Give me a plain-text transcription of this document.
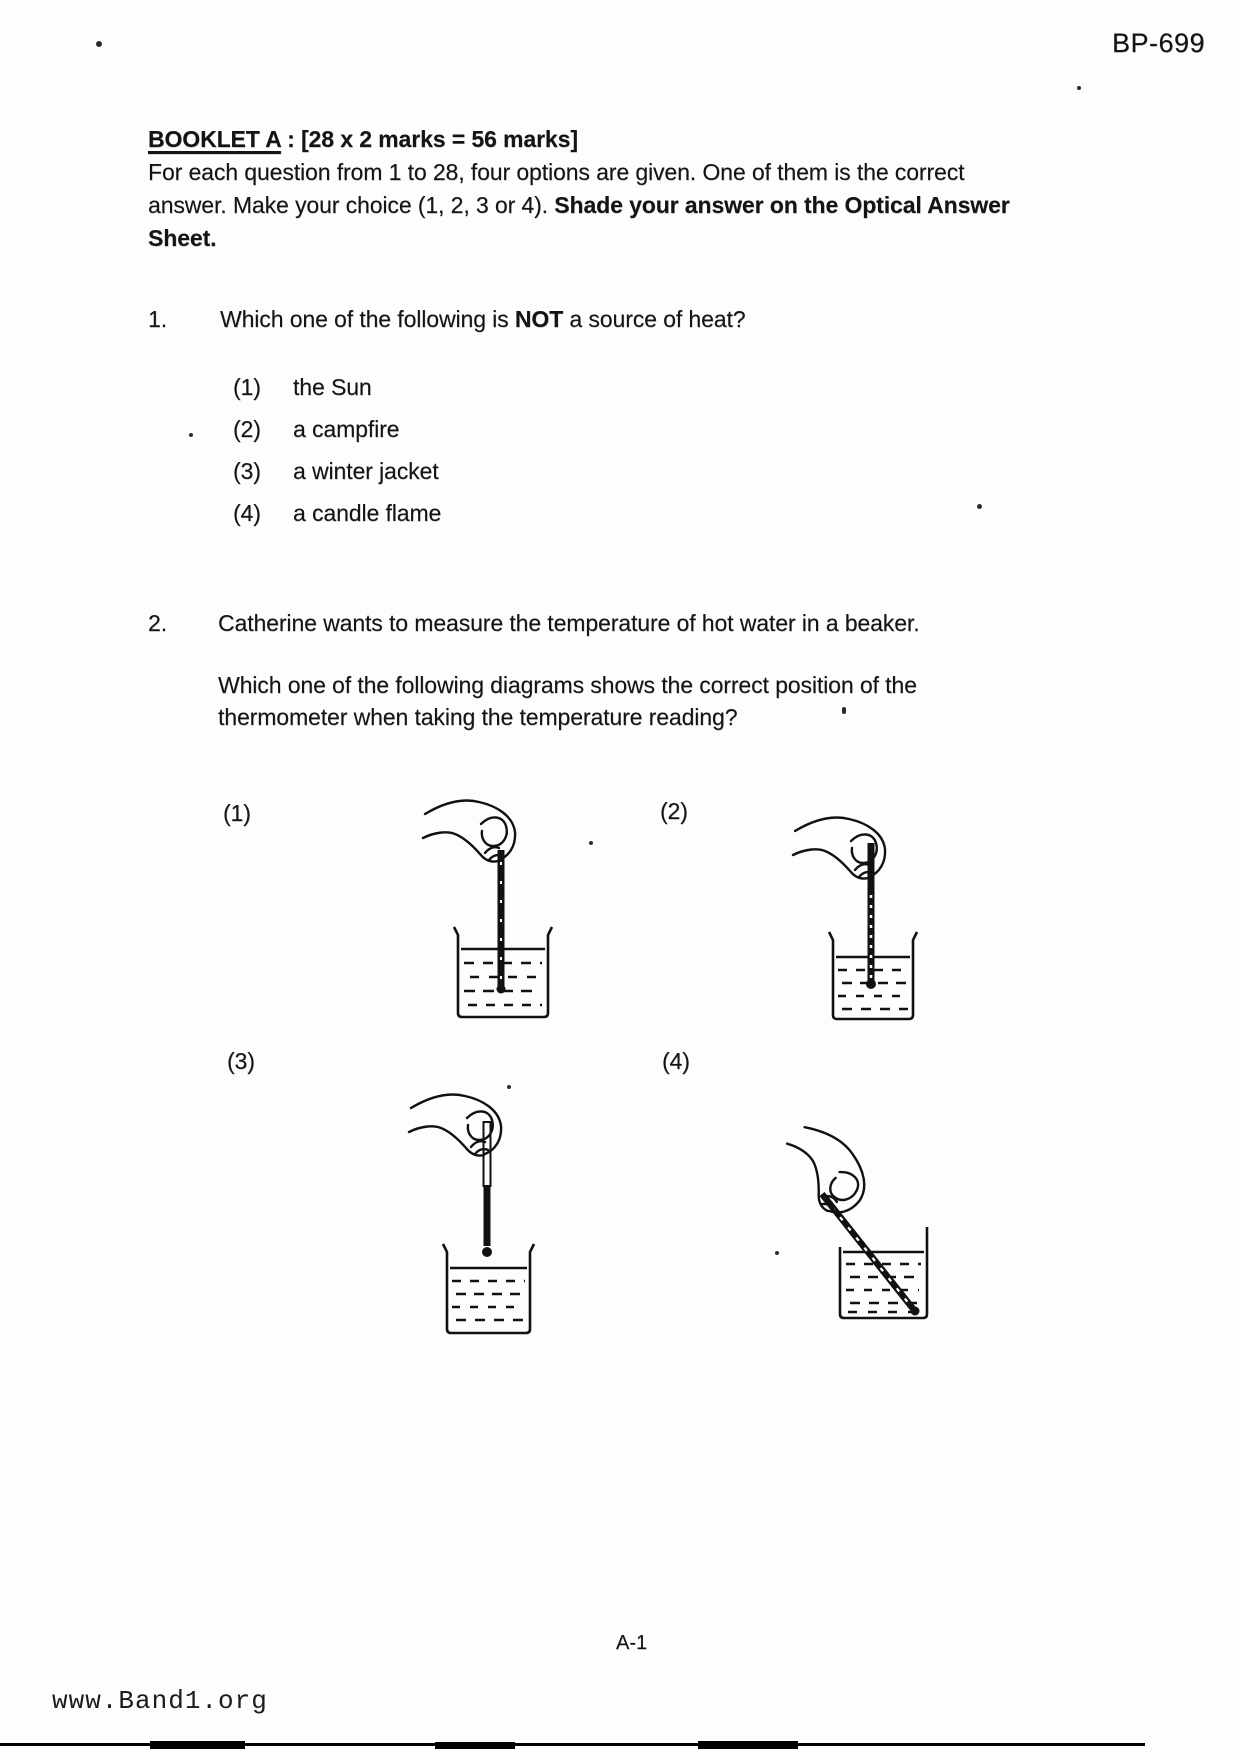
BP-699
BOOKLET A : [28 x 2 marks = 56 marks]
For each question from 1 to 28, four options are given. One of them is the correct
answer. Make your choice (1, 2, 3 or 4). Shade your answer on the Optical Answer
Sheet.
1. Which one of the following is NOT a source of heat?
(1) the Sun
(2) a campfire
(3) a winter jacket
(4) a candle flame
2. Catherine wants to measure the temperature of hot water in a beaker.
Which one of the following diagrams shows the correct position of the
thermometer when taking the temperature reading?
(1)	(2)
(3)	(4)
A-1
www.Band1.org
